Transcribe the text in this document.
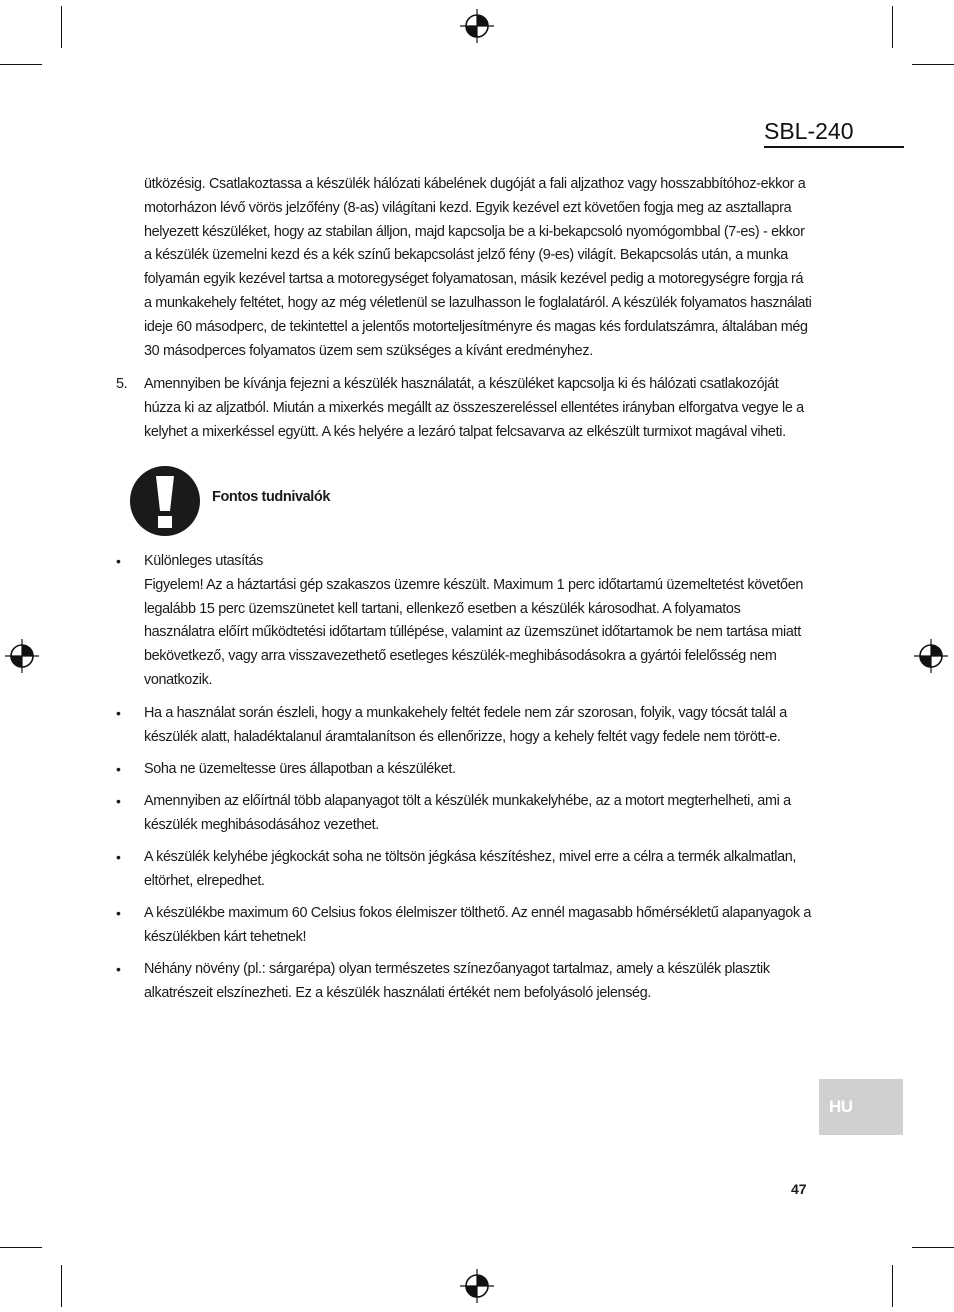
SBL-240
ütközésig. Csatlakoztassa a készülék hálózati kábelének dugóját a fali aljzathoz vagy hosszabbítóhoz-ekkor a motorházon lévő vörös jelzőfény (8-as) világítani kezd. Egyik kezével ezt követően fogja meg az asztallapra helyezett készüléket, hogy az stabilan álljon, majd kapcsolja be a ki-bekapcsoló nyomógombbal (7-es) - ekkor a készülék üzemelni kezd és a kék színű bekapcsolást jelző fény (9-es) világít. Bekapcsolás után, a munka folyamán egyik kezével tartsa a motoregységet folyamatosan, másik kezével pedig a motoregységre forgja rá a munkakehely feltétet, hogy az még véletlenül se lazulhasson le foglalatáról. A készülék folyamatos használati ideje 60 másodperc, de tekintettel a jelentős motorteljesítményre és magas kés fordulatszámra, általában még 30 másodperces folyamatos üzem sem szükséges a kívánt eredményhez.
5. Amennyiben be kívánja fejezni a készülék használatát, a készüléket kapcsolja ki és hálózati csatlakozóját húzza ki az aljzatból. Miután a mixerkés megállt az összeszereléssel ellentétes irányban elforgatva vegye le a kelyhet a mixerkéssel együtt. A kés helyére a lezáró talpat felcsavarva az elkészült turmixot magával viheti.
Fontos tudnivalók
• Különleges utasítás
Figyelem! Az a háztartási gép szakaszos üzemre készült. Maximum 1 perc időtartamú üzemeltetést követően legalább 15 perc üzemszünetet kell tartani, ellenkező esetben a készülék károsodhat. A folyamatos használatra előírt működtetési időtartam túllépése, valamint az üzemszünet időtartamok be nem tartása miatt bekövetkező, vagy arra visszavezethető esetleges készülék-meghibásodásokra a gyártói felelősség nem vonatkozik.
• Ha a használat során észleli, hogy a munkakehely feltét fedele nem zár szorosan, folyik, vagy tócsát talál a készülék alatt, haladéktalanul áramtalanítson és ellenőrizze, hogy a kehely feltét vagy fedele nem törött-e.
• Soha ne üzemeltesse üres állapotban a készüléket.
• Amennyiben az előírtnál több alapanyagot tölt a készülék munkakelyhébe, az a motort megterhelheti, ami a készülék meghibásodásához vezethet.
• A készülék kelyhébe jégkockát soha ne töltsön jégkása készítéshez, mivel erre a célra a termék alkalmatlan, eltörhet, elrepedhet.
• A készülékbe maximum 60 Celsius fokos élelmiszer tölthető. Az ennél magasabb hőmérsékletű alapanyagok a készülékben kárt tehetnek!
• Néhány növény (pl.: sárgarépa) olyan természetes színezőanyagot tartalmaz, amely a készülék plasztik alkatrészeit elszínezheti. Ez a készülék használati értékét nem befolyásoló jelenség.
HU
47
